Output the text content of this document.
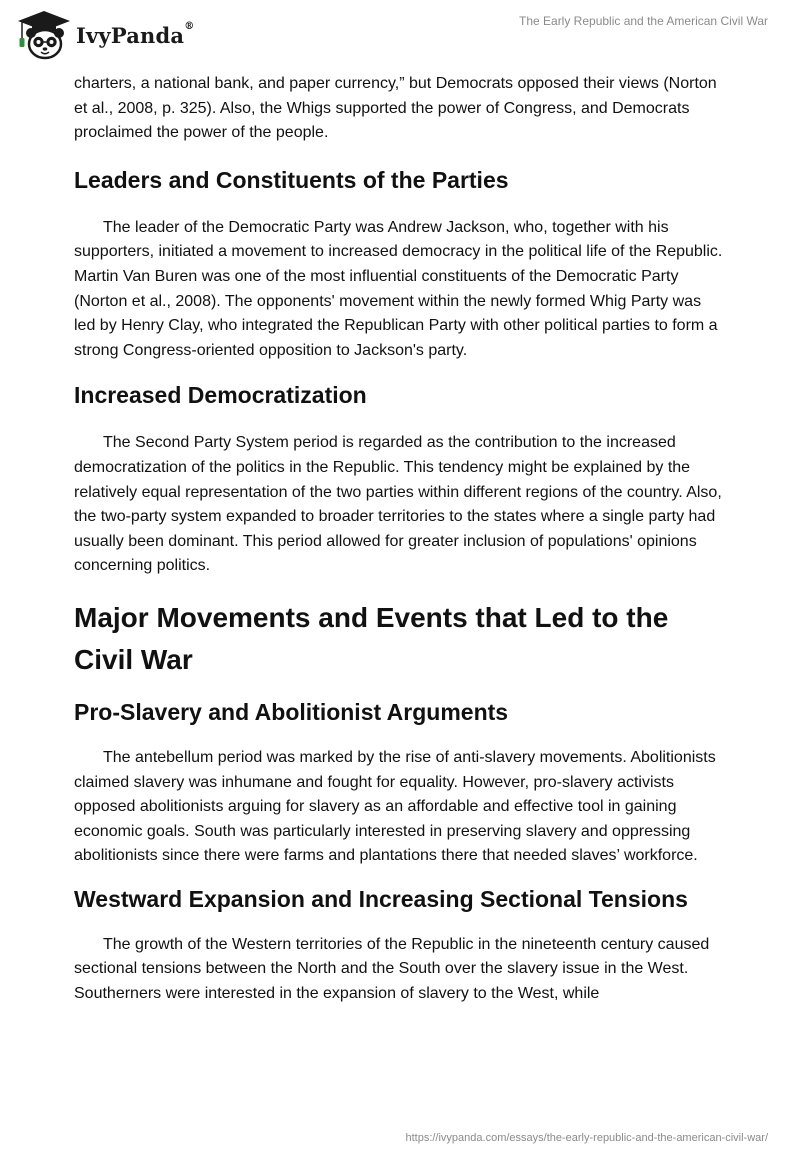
IvyPanda®	The Early Republic and the American Civil War

charters, a national bank, and paper currency,” but Democrats opposed their views (Norton et al., 2008, p. 325). Also, the Whigs supported the power of Congress, and Democrats proclaimed the power of the people.

Leaders and Constituents of the Parties

The leader of the Democratic Party was Andrew Jackson, who, together with his supporters, initiated a movement to increased democracy in the political life of the Republic. Martin Van Buren was one of the most influential constituents of the Democratic Party (Norton et al., 2008). The opponents' movement within the newly formed Whig Party was led by Henry Clay, who integrated the Republican Party with other political parties to form a strong Congress-oriented opposition to Jackson's party.

Increased Democratization

The Second Party System period is regarded as the contribution to the increased democratization of the politics in the Republic. This tendency might be explained by the relatively equal representation of the two parties within different regions of the country. Also, the two-party system expanded to broader territories to the states where a single party had usually been dominant. This period allowed for greater inclusion of populations' opinions concerning politics.

Major Movements and Events that Led to the Civil War
Pro-Slavery and Abolitionist Arguments

The antebellum period was marked by the rise of anti-slavery movements. Abolitionists claimed slavery was inhumane and fought for equality. However, pro-slavery activists opposed abolitionists arguing for slavery as an affordable and effective tool in gaining economic goals. South was particularly interested in preserving slavery and oppressing abolitionists since there were farms and plantations there that needed slaves’ workforce.

Westward Expansion and Increasing Sectional Tensions

The growth of the Western territories of the Republic in the nineteenth century caused sectional tensions between the North and the South over the slavery issue in the West. Southerners were interested in the expansion of slavery to the West, while

https://ivypanda.com/essays/the-early-republic-and-the-american-civil-war/
